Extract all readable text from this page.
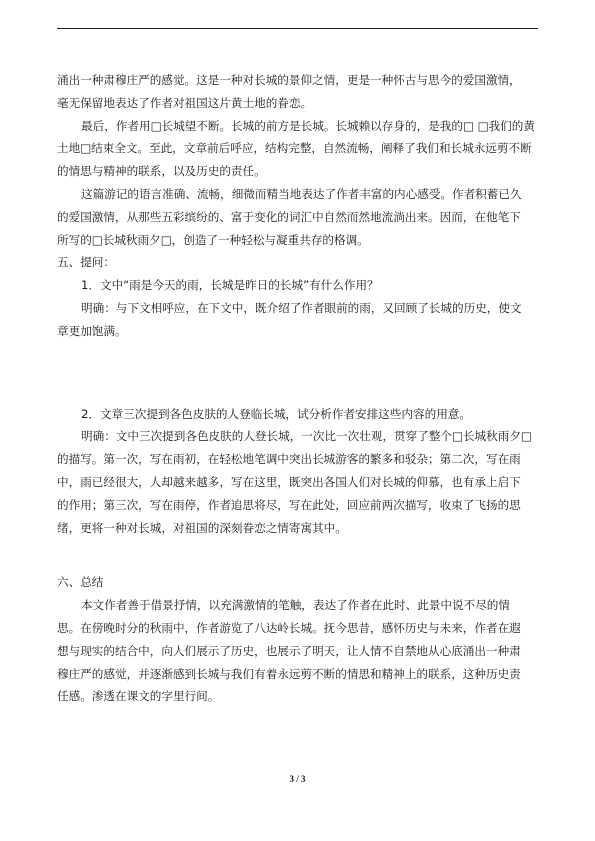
涌出一种肃穆庄严的感觉。这是一种对长城的景仰之情，更是一种怀古与思今的爱国激情，

毫无保留地表达了作者对祖国这片黄土地的眷恋。

最后，作者用□长城望不断。长城的前方是长城。长城赖以存身的，是我的□ □我们的黄

土地□结束全文。至此，文章前后呼应，结构完整，自然流畅，阐释了我们和长城永远剪不断

的情思与精神的联系，以及历史的责任。

这篇游记的语言准确、流畅，细微而精当地表达了作者丰富的内心感受。作者积蓄已久

的爱国激情，从那些五彩缤纷的、富于变化的词汇中自然而然地流淌出来。因而，在他笔下

所写的□长城秋雨夕□，创造了一种轻松与凝重共存的格调。

五、提问：

1．文中“雨是今天的雨，长城是昨日的长城”有什么作用？

明确：与下文相呼应，在下文中，既介绍了作者眼前的雨，又回顾了长城的历史，使文

章更加饱满。

2．文章三次提到各色皮肤的人登临长城，试分析作者安排这些内容的用意。

明确：文中三次提到各色皮肤的人登长城，一次比一次壮观，贯穿了整个□长城秋雨夕□

的描写。第一次，写在雨初，在轻松地笔调中突出长城游客的繁多和驳杂；第二次，写在雨

中，雨已经很大，人却越来越多，写在这里，既突出各国人们对长城的仰慕，也有承上启下

的作用；第三次，写在雨停，作者追思将尽，写在此处，回应前两次描写，收束了飞扬的思

绪，更将一种对长城，对祖国的深刻眷恋之情寄寓其中。

六、总结

本文作者善于借景抒情，以充满激情的笔触，表达了作者在此时、此景中说不尽的情

思。在傍晚时分的秋雨中，作者游览了八达岭长城。抚今思昔，感怀历史与未来，作者在遐

想与现实的结合中，向人们展示了历史，也展示了明天，让人情不自禁地从心底涌出一种肃

穆庄严的感觉，并逐渐感到长城与我们有着永远剪不断的情思和精神上的联系，这种历史责

任感。渗透在课文的字里行间。

3 / 3
